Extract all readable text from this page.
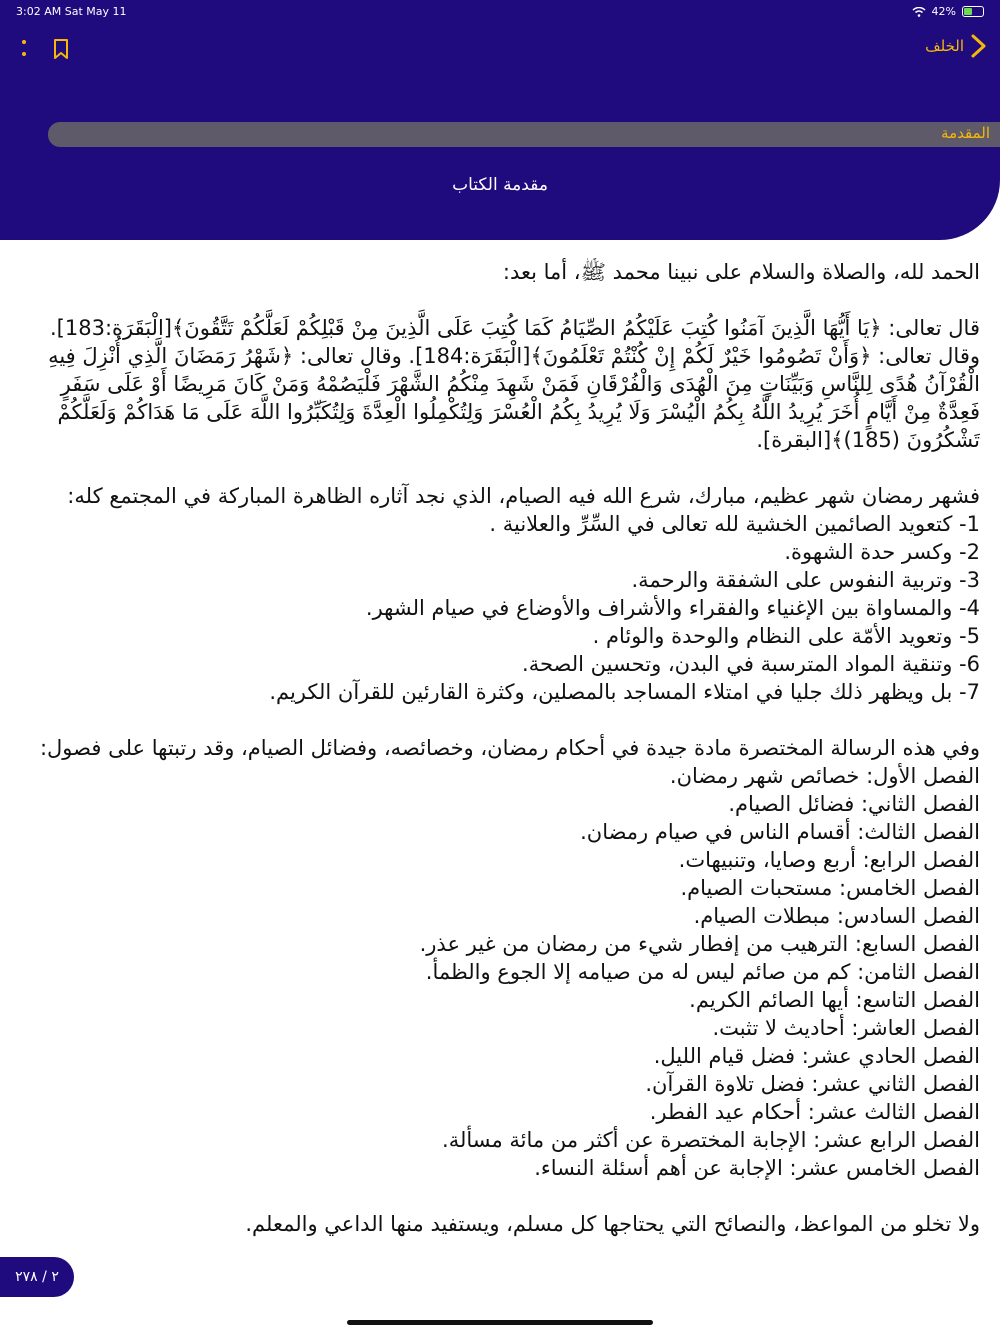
3:02 AM Sat May 11	42%
الخلف
المقدمة
مقدمة الكتاب

الحمد لله، والصلاة والسلام على نبينا محمد ﷺ، أما بعد:

قال تعالى: ﴿يَا أَيُّهَا الَّذِينَ آمَنُوا كُتِبَ عَلَيْكُمُ الصِّيَامُ كَمَا كُتِبَ عَلَى الَّذِينَ مِنْ قَبْلِكُمْ لَعَلَّكُمْ تَتَّقُونَ﴾[الْبَقَرَة:183]. وقال تعالى: ﴿وَأَنْ تَصُومُوا خَيْرٌ لَكُمْ إِنْ كُنْتُمْ تَعْلَمُونَ﴾[الْبَقَرَة:184]. وقال تعالى: ﴿شَهْرُ رَمَضَانَ الَّذِي أُنْزِلَ فِيهِ الْقُرْآنُ هُدًى لِلنَّاسِ وَبَيِّنَاتٍ مِنَ الْهُدَى وَالْفُرْقَانِ فَمَنْ شَهِدَ مِنْكُمُ الشَّهْرَ فَلْيَصُمْهُ وَمَنْ كَانَ مَرِيضًا أَوْ عَلَى سَفَرٍ فَعِدَّةٌ مِنْ أَيَّامٍ أُخَرَ يُرِيدُ اللَّهُ بِكُمُ الْيُسْرَ وَلَا يُرِيدُ بِكُمُ الْعُسْرَ وَلِتُكْمِلُوا الْعِدَّةَ وَلِتُكَبِّرُوا اللَّهَ عَلَى مَا هَدَاكُمْ وَلَعَلَّكُمْ تَشْكُرُونَ (185)﴾[البقرة].

فشهر رمضان شهر عظيم، مبارك، شرع الله فيه الصيام، الذي نجد آثاره الظاهرة المباركة في المجتمع كله:

1- كتعويد الصائمين الخشية لله تعالى في السِّرِّ والعلانية .
2- وكسر حدة الشهوة.
3- وتربية النفوس على الشفقة والرحمة.
4- والمساواة بين الإغنياء والفقراء والأشراف والأوضاع في صيام الشهر.
5- وتعويد الأمّة على النظام والوحدة والوئام .
6- وتنقية المواد المترسبة في البدن، وتحسين الصحة.
7- بل ويظهر ذلك جليا في امتلاء المساجد بالمصلين، وكثرة القارئين للقرآن الكريم.

وفي هذه الرسالة المختصرة مادة جيدة في أحكام رمضان، وخصائصه، وفضائل الصيام، وقد رتبتها على فصول:

الفصل الأول: خصائص شهر رمضان.
الفصل الثاني: فضائل الصيام.
الفصل الثالث: أقسام الناس في صيام رمضان.
الفصل الرابع: أربع وصايا، وتنبيهات.
الفصل الخامس: مستحبات الصيام.
الفصل السادس: مبطلات الصيام.
الفصل السابع: الترهيب من إفطار شيء من رمضان من غير عذر.
الفصل الثامن: كم من صائم ليس له من صيامه إلا الجوع والظمأ.
الفصل التاسع: أيها الصائم الكريم.
الفصل العاشر: أحاديث لا تثبت.
الفصل الحادي عشر: فضل قيام الليل.
الفصل الثاني عشر: فضل تلاوة القرآن.
الفصل الثالث عشر: أحكام عيد الفطر.
الفصل الرابع عشر: الإجابة المختصرة عن أكثر من مائة مسألة.
الفصل الخامس عشر: الإجابة عن أهم أسئلة النساء.

ولا تخلو من المواعظ، والنصائح التي يحتاجها كل مسلم، ويستفيد منها الداعي والمعلم.

٢ / ٢٧٨
